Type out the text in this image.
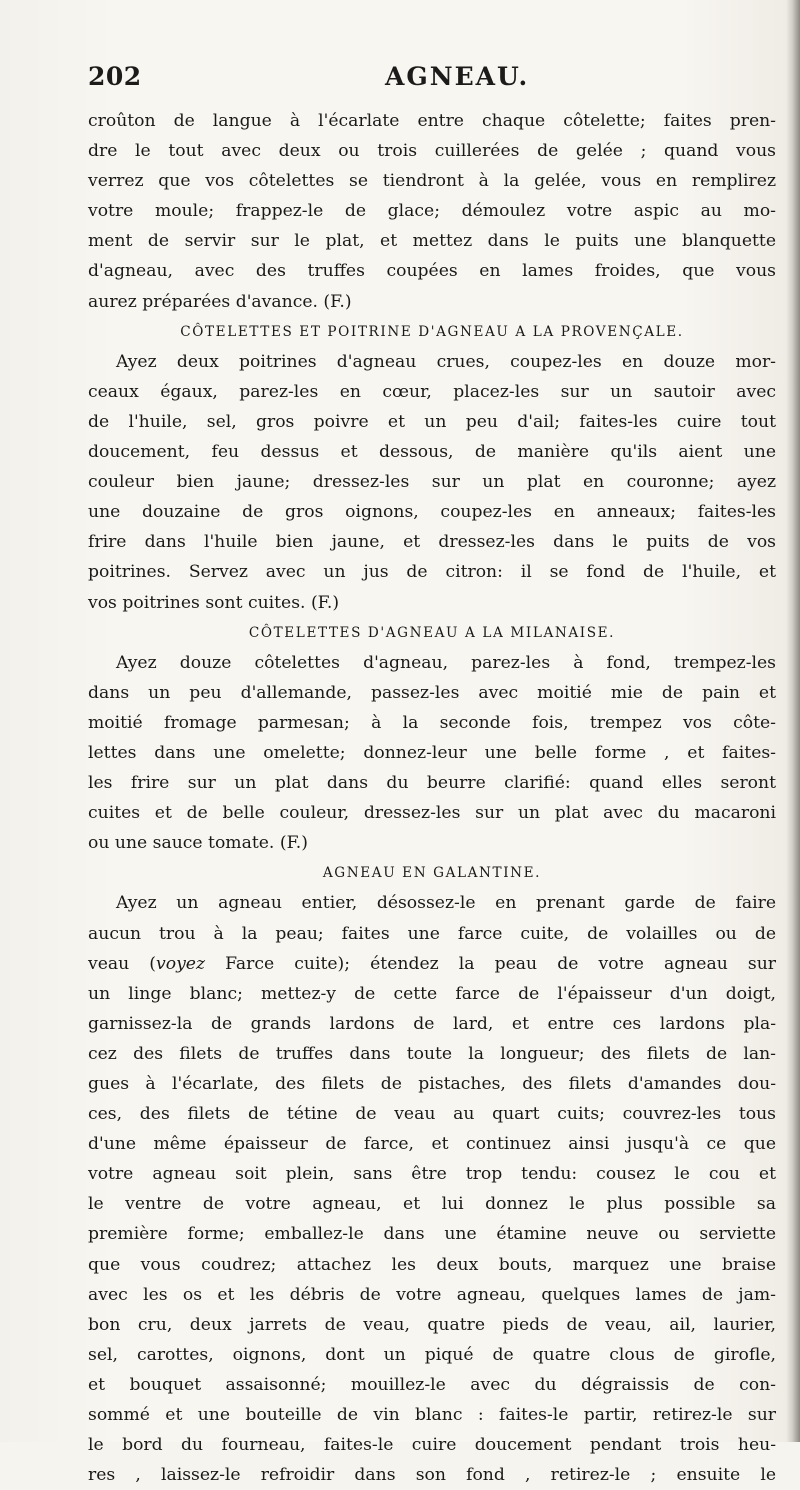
202	AGNEAU.
croûton de langue à l'écarlate entre chaque côtelette; faites pren-
dre le tout avec deux ou trois cuillerées de gelée ; quand vous
verrez que vos côtelettes se tiendront à la gelée, vous en remplirez
votre moule; frappez-le de glace; démoulez votre aspic au mo-
ment de servir sur le plat, et mettez dans le puits une blanquette
d'agneau, avec des truffes coupées en lames froides, que vous
aurez préparées d'avance. (F.)
CÔTELETTES ET POITRINE D'AGNEAU A LA PROVENÇALE.
Ayez deux poitrines d'agneau crues, coupez-les en douze mor-
ceaux égaux, parez-les en cœur, placez-les sur un sautoir avec
de l'huile, sel, gros poivre et un peu d'ail; faites-les cuire tout
doucement, feu dessus et dessous, de manière qu'ils aient une
couleur bien jaune; dressez-les sur un plat en couronne; ayez
une douzaine de gros oignons, coupez-les en anneaux; faites-les
frire dans l'huile bien jaune, et dressez-les dans le puits de vos
poitrines. Servez avec un jus de citron: il se fond de l'huile, et
vos poitrines sont cuites. (F.)
CÔTELETTES D'AGNEAU A LA MILANAISE.
Ayez douze côtelettes d'agneau, parez-les à fond, trempez-les
dans un peu d'allemande, passez-les avec moitié mie de pain et
moitié fromage parmesan; à la seconde fois, trempez vos côte-
lettes dans une omelette; donnez-leur une belle forme , et faites-
les frire sur un plat dans du beurre clarifié: quand elles seront
cuites et de belle couleur, dressez-les sur un plat avec du macaroni
ou une sauce tomate. (F.)
AGNEAU EN GALANTINE.
Ayez un agneau entier, désossez-le en prenant garde de faire
aucun trou à la peau; faites une farce cuite, de volailles ou de
veau (voyez Farce cuite); étendez la peau de votre agneau sur
un linge blanc; mettez-y de cette farce de l'épaisseur d'un doigt,
garnissez-la de grands lardons de lard, et entre ces lardons pla-
cez des filets de truffes dans toute la longueur; des filets de lan-
gues à l'écarlate, des filets de pistaches, des filets d'amandes dou-
ces, des filets de tétine de veau au quart cuits; couvrez-les tous
d'une même épaisseur de farce, et continuez ainsi jusqu'à ce que
votre agneau soit plein, sans être trop tendu: cousez le cou et
le ventre de votre agneau, et lui donnez le plus possible sa
première forme; emballez-le dans une étamine neuve ou serviette
que vous coudrez; attachez les deux bouts, marquez une braise
avec les os et les débris de votre agneau, quelques lames de jam-
bon cru, deux jarrets de veau, quatre pieds de veau, ail, laurier,
sel, carottes, oignons, dont un piqué de quatre clous de girofle,
et bouquet assaisonné; mouillez-le avec du dégraissis de con-
sommé et une bouteille de vin blanc : faites-le partir, retirez-le sur
le bord du fourneau, faites-le cuire doucement pendant trois heu-
res , laissez-le refroidir dans son fond , retirez-le ; ensuite le
